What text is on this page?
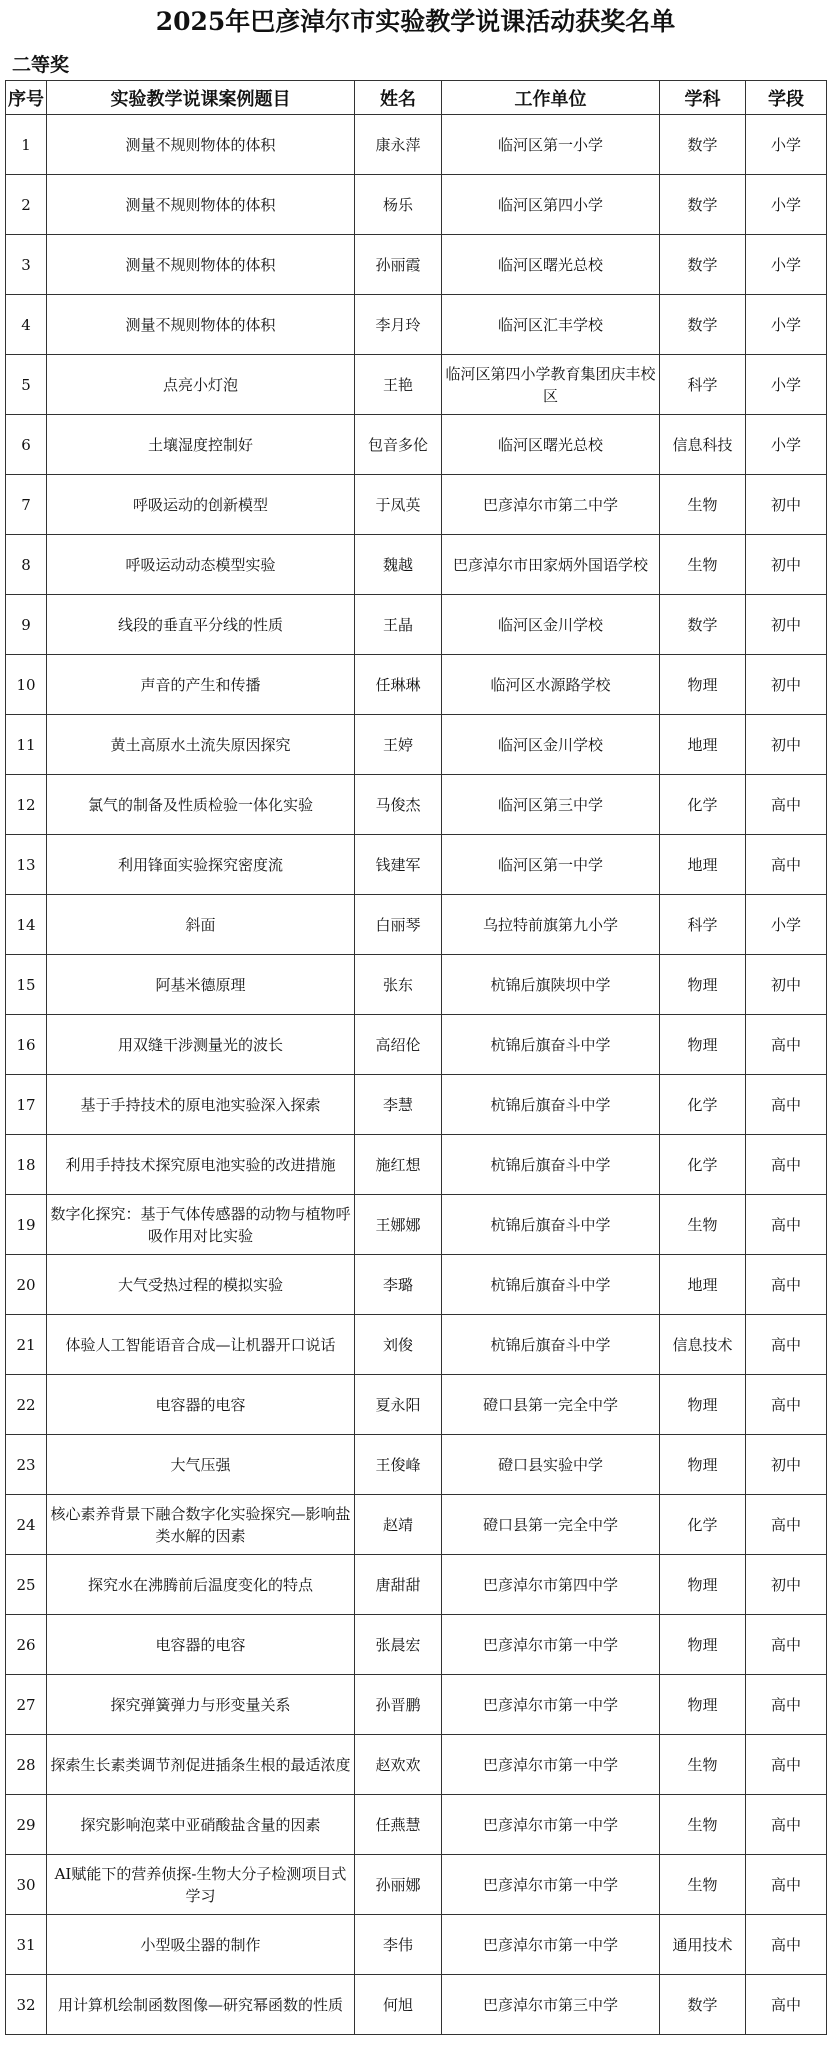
2025年巴彦淖尔市实验教学说课活动获奖名单
二等奖
序号	实验教学说课案例题目	姓名	工作单位	学科	学段
1	测量不规则物体的体积	康永萍	临河区第一小学	数学	小学
2	测量不规则物体的体积	杨乐	临河区第四小学	数学	小学
3	测量不规则物体的体积	孙丽霞	临河区曙光总校	数学	小学
4	测量不规则物体的体积	李月玲	临河区汇丰学校	数学	小学
5	点亮小灯泡	王艳	临河区第四小学教育集团庆丰校区	科学	小学
6	土壤湿度控制好	包音多伦	临河区曙光总校	信息科技	小学
7	呼吸运动的创新模型	于凤英	巴彦淖尔市第二中学	生物	初中
8	呼吸运动动态模型实验	魏越	巴彦淖尔市田家炳外国语学校	生物	初中
9	线段的垂直平分线的性质	王晶	临河区金川学校	数学	初中
10	声音的产生和传播	任琳琳	临河区水源路学校	物理	初中
11	黄土高原水土流失原因探究	王婷	临河区金川学校	地理	初中
12	氯气的制备及性质检验一体化实验	马俊杰	临河区第三中学	化学	高中
13	利用锋面实验探究密度流	钱建军	临河区第一中学	地理	高中
14	斜面	白丽琴	乌拉特前旗第九小学	科学	小学
15	阿基米德原理	张东	杭锦后旗陕坝中学	物理	初中
16	用双缝干涉测量光的波长	高绍伦	杭锦后旗奋斗中学	物理	高中
17	基于手持技术的原电池实验深入探索	李慧	杭锦后旗奋斗中学	化学	高中
18	利用手持技术探究原电池实验的改进措施	施红想	杭锦后旗奋斗中学	化学	高中
19	数字化探究：基于气体传感器的动物与植物呼吸作用对比实验	王娜娜	杭锦后旗奋斗中学	生物	高中
20	大气受热过程的模拟实验	李璐	杭锦后旗奋斗中学	地理	高中
21	体验人工智能语音合成—让机器开口说话	刘俊	杭锦后旗奋斗中学	信息技术	高中
22	电容器的电容	夏永阳	磴口县第一完全中学	物理	高中
23	大气压强	王俊峰	磴口县实验中学	物理	初中
24	核心素养背景下融合数字化实验探究—影响盐类水解的因素	赵靖	磴口县第一完全中学	化学	高中
25	探究水在沸腾前后温度变化的特点	唐甜甜	巴彦淖尔市第四中学	物理	初中
26	电容器的电容	张晨宏	巴彦淖尔市第一中学	物理	高中
27	探究弹簧弹力与形变量关系	孙晋鹏	巴彦淖尔市第一中学	物理	高中
28	探索生长素类调节剂促进插条生根的最适浓度	赵欢欢	巴彦淖尔市第一中学	生物	高中
29	探究影响泡菜中亚硝酸盐含量的因素	任燕慧	巴彦淖尔市第一中学	生物	高中
30	AI赋能下的营养侦探-生物大分子检测项目式学习	孙丽娜	巴彦淖尔市第一中学	生物	高中
31	小型吸尘器的制作	李伟	巴彦淖尔市第一中学	通用技术	高中
32	用计算机绘制函数图像—研究幂函数的性质	何旭	巴彦淖尔市第三中学	数学	高中
